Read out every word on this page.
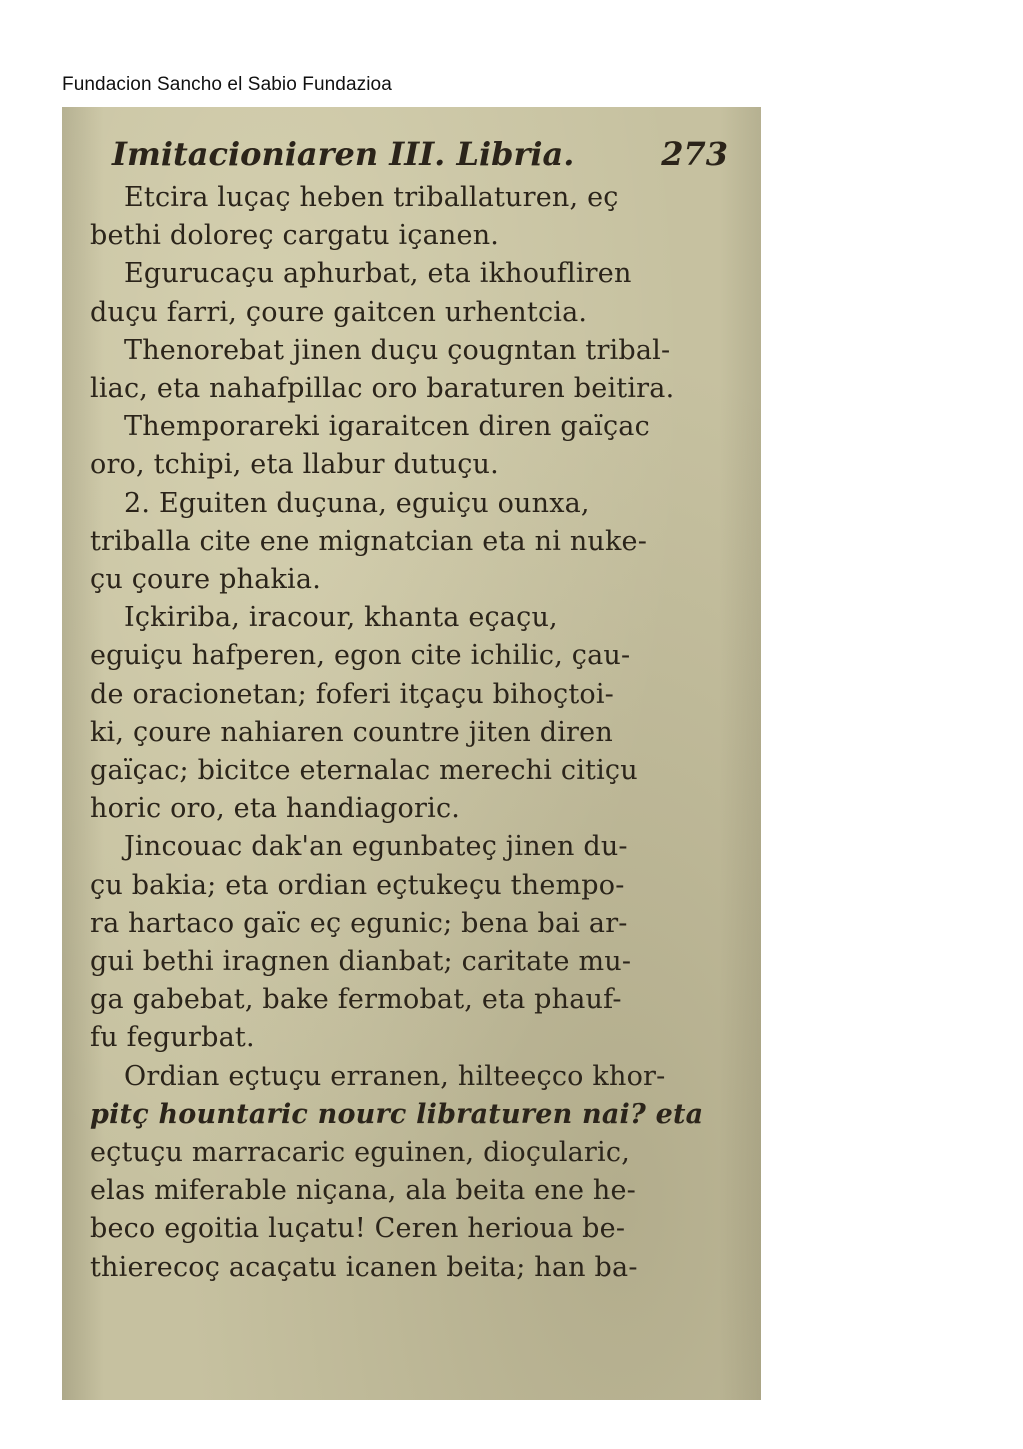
Fundacion Sancho el Sabio Fundazioa
Imitacioniaren III. Libria.	273
Etcira luçaç heben triballaturen, eç
bethi doloreç cargatu içanen.
Egurucaçu aphurbat, eta ikhoufliren
duçu farri, çoure gaitcen urhentcia.
Thenorebat jinen duçu çougntan tribal-
liac, eta nahafpillac oro baraturen beitira.
Themporareki igaraitcen diren gaïçac
oro, tchipi, eta llabur dutuçu.
2. Eguiten duçuna, eguiçu ounxa,
triballa cite ene mignatcian eta ni nuke-
çu çoure phakia.
Içkiriba, iracour, khanta eçaçu,
eguiçu hafperen, egon cite ichilic, çau-
de oracionetan; foferi itçaçu bihoçtoi-
ki, çoure nahiaren countre jiten diren
gaïçac; bicitce eternalac merechi citiçu
horic oro, eta handiagoric.
Jincouac dak'an egunbateç jinen du-
çu bakia; eta ordian eçtukeçu thempo-
ra hartaco gaïc eç egunic; bena bai ar-
gui bethi iragnen dianbat; caritate mu-
ga gabebat, bake fermobat, eta phauf-
fu fegurbat.
Ordian eçtuçu erranen, hilteeçco khor-
pitç hountaric nourc libraturen nai? eta
eçtuçu marracaric eguinen, dioçularic,
elas miferable niçana, ala beita ene he-
beco egoitia luçatu! Ceren heriouа be-
thierecoç acaçatu icanen beita; han ba-
